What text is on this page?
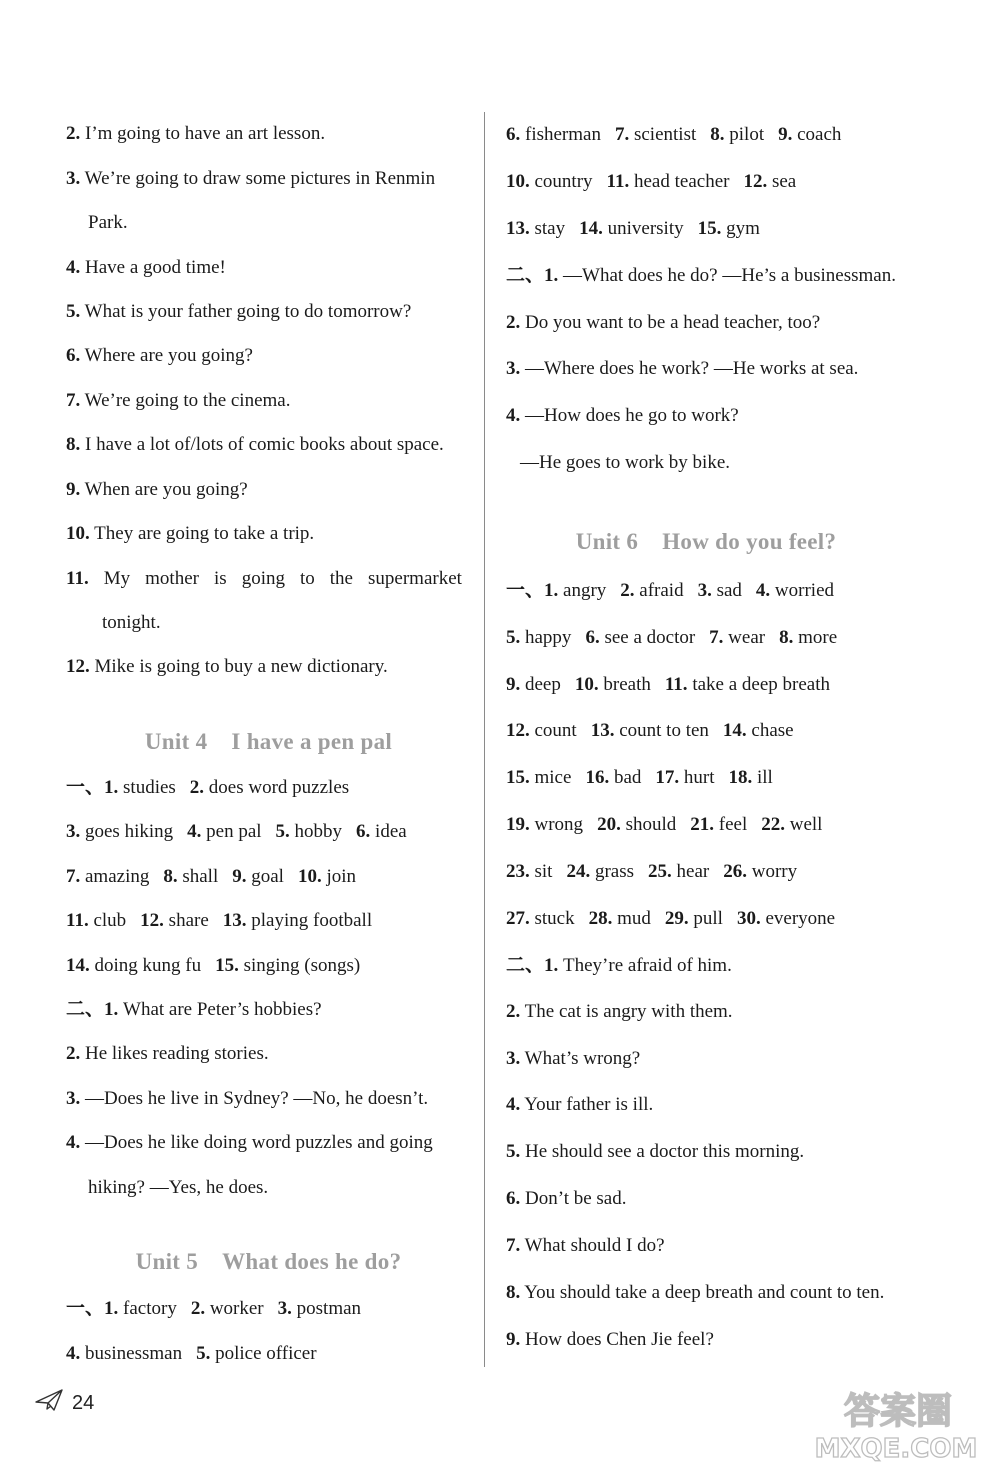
2. I’m going to have an art lesson.
3. We’re going to draw some pictures in Renmin
Park.
4. Have a good time!
5. What is your father going to do tomorrow?
6. Where are you going?
7. We’re going to the cinema.
8. I have a lot of/lots of comic books about space.
9. When are you going?
10. They are going to take a trip.
11. My mother is going to the supermarket
tonight.
12. Mike is going to buy a new dictionary.
Unit 4 I have a pen pal
一、1. studies 2. does word puzzles
3. goes hiking 4. pen pal 5. hobby 6. idea
7. amazing 8. shall 9. goal 10. join
11. club 12. share 13. playing football
14. doing kung fu 15. singing (songs)
二、1. What are Peter’s hobbies?
2. He likes reading stories.
3. —Does he live in Sydney? —No, he doesn’t.
4. —Does he like doing word puzzles and going
hiking? —Yes, he does.
Unit 5 What does he do?
一、1. factory 2. worker 3. postman
4. businessman 5. police officer
6. fisherman 7. scientist 8. pilot 9. coach
10. country 11. head teacher 12. sea
13. stay 14. university 15. gym
二、1. —What does he do? —He’s a businessman.
2. Do you want to be a head teacher, too?
3. —Where does he work? —He works at sea.
4. —How does he go to work?
—He goes to work by bike.
Unit 6 How do you feel?
一、1. angry 2. afraid 3. sad 4. worried
5. happy 6. see a doctor 7. wear 8. more
9. deep 10. breath 11. take a deep breath
12. count 13. count to ten 14. chase
15. mice 16. bad 17. hurt 18. ill
19. wrong 20. should 21. feel 22. well
23. sit 24. grass 25. hear 26. worry
27. stuck 28. mud 29. pull 30. everyone
二、1. They’re afraid of him.
2. The cat is angry with them.
3. What’s wrong?
4. Your father is ill.
5. He should see a doctor this morning.
6. Don’t be sad.
7. What should I do?
8. You should take a deep breath and count to ten.
9. How does Chen Jie feel?
24	答案圈
MXQE.COM
